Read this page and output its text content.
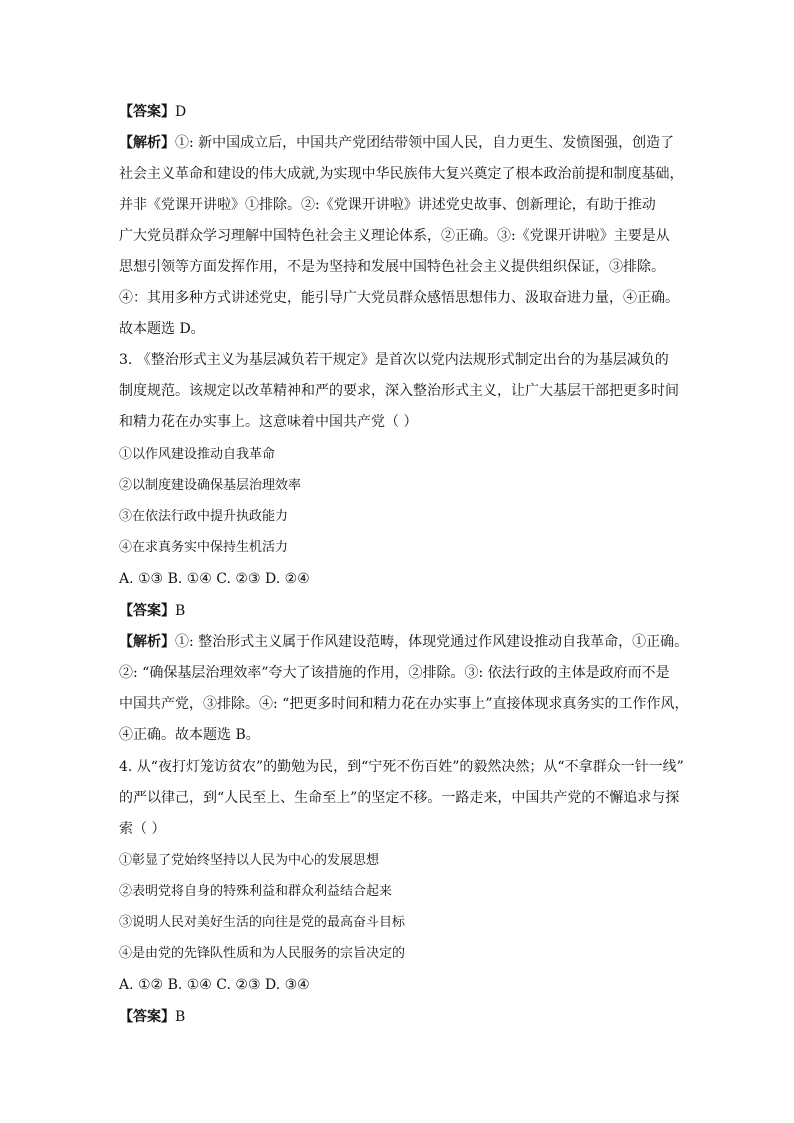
【答案】D
【解析】①: 新中国成立后，中国共产党团结带领中国人民，自力更生、发愤图强，创造了
社会主义革命和建设的伟大成就,为实现中华民族伟大复兴奠定了根本政治前提和制度基础，
并非《党课开讲啦》①排除。②:《党课开讲啦》讲述党史故事、创新理论，有助于推动
广大党员群众学习理解中国特色社会主义理论体系，②正确。③:《党课开讲啦》主要是从
思想引领等方面发挥作用，不是为坚持和发展中国特色社会主义提供组织保证，③排除。
④：其用多种方式讲述党史，能引导广大党员群众感悟思想伟力、汲取奋进力量，④正确。
故本题选 D。
3. 《整治形式主义为基层减负若干规定》是首次以党内法规形式制定出台的为基层减负的
制度规范。该规定以改革精神和严的要求，深入整治形式主义，让广大基层干部把更多时间
和精力花在办实事上。这意味着中国共产党（ ）
①以作风建设推动自我革命
②以制度建设确保基层治理效率
③在依法行政中提升执政能力
④在求真务实中保持生机活力
A. ①③ B. ①④ C. ②③ D. ②④
【答案】B
【解析】①: 整治形式主义属于作风建设范畴，体现党通过作风建设推动自我革命，①正确。
②: “确保基层治理效率”夸大了该措施的作用，②排除。③: 依法行政的主体是政府而不是
中国共产党，③排除。④: “把更多时间和精力花在办实事上”直接体现求真务实的工作作风，
④正确。故本题选 B。
4. 从“夜打灯笼访贫农”的勤勉为民，到“宁死不伤百姓”的毅然决然；从“不拿群众一针一线”
的严以律己，到“人民至上、生命至上”的坚定不移。一路走来，中国共产党的不懈追求与探
索（ ）
①彰显了党始终坚持以人民为中心的发展思想
②表明党将自身的特殊利益和群众利益结合起来
③说明人民对美好生活的向往是党的最高奋斗目标
④是由党的先锋队性质和为人民服务的宗旨决定的
A. ①② B. ①④ C. ②③ D. ③④
【答案】B
